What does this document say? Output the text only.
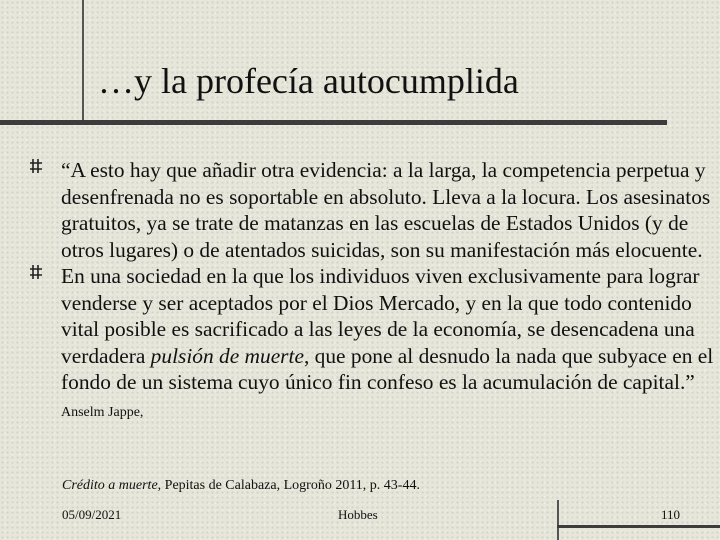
…y la profecía autocumplida
“A esto hay que añadir otra evidencia: a la larga, la competencia perpetua y desenfrenada no es soportable en absoluto. Lleva a la locura. Los asesinatos gratuitos, ya se trate de matanzas en las escuelas de Estados Unidos (y de otros lugares) o de atentados suicidas, son su manifestación más elocuente.
En una sociedad en la que los individuos viven exclusivamente para lograr venderse y ser aceptados por el Dios Mercado, y en la que todo contenido vital posible es sacrificado a las leyes de la economía, se desencadena una verdadera pulsión de muerte, que pone al desnudo la nada que subyace en el fondo de un sistema cuyo único fin confeso es la acumulación de capital.” Anselm Jappe,
Crédito a muerte, Pepitas de Calabaza, Logroño 2011, p. 43-44.
05/09/2021	Hobbes	110
